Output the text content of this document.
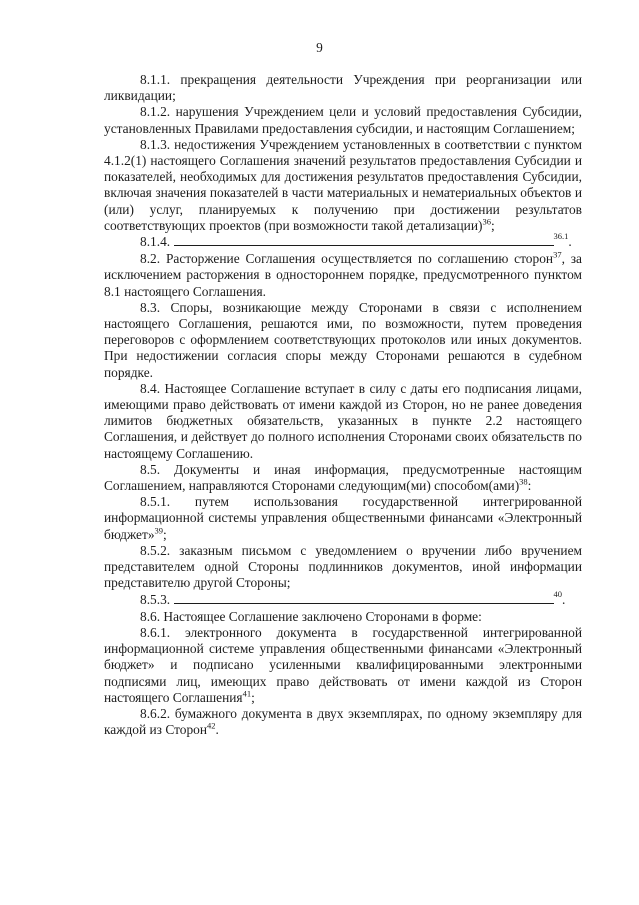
9

8.1.1. прекращения деятельности Учреждения при реорганизации или ликвидации;

8.1.2. нарушения Учреждением цели и условий предоставления Субсидии, установленных Правилами предоставления субсидии, и настоящим Соглашением;

8.1.3. недостижения Учреждением установленных в соответствии с пунктом 4.1.2(1) настоящего Соглашения значений результатов предоставления Субсидии и показателей, необходимых для достижения результатов предоставления Субсидии, включая значения показателей в части материальных и нематериальных объектов и (или) услуг, планируемых к получению при достижении результатов соответствующих проектов (при возможности такой детализации)$^{36}$;

8.1.4.	$^{36.1}$.

8.2. Расторжение Соглашения осуществляется по соглашению сторон$^{37}$, за исключением расторжения в одностороннем порядке, предусмотренного пунктом 8.1 настоящего Соглашения.

8.3. Споры, возникающие между Сторонами в связи с исполнением настоящего Соглашения, решаются ими, по возможности, путем проведения переговоров с оформлением соответствующих протоколов или иных документов. При недостижении согласия споры между Сторонами решаются в судебном порядке.

8.4. Настоящее Соглашение вступает в силу с даты его подписания лицами, имеющими право действовать от имени каждой из Сторон, но не ранее доведения лимитов бюджетных обязательств, указанных в пункте 2.2 настоящего Соглашения, и действует до полного исполнения Сторонами своих обязательств по настоящему Соглашению.

8.5. Документы и иная информация, предусмотренные настоящим Соглашением, направляются Сторонами следующим(ми) способом(ами)$^{38}$:

8.5.1. путем использования государственной интегрированной информационной системы управления общественными финансами «Электронный бюджет»$^{39}$;

8.5.2. заказным письмом с уведомлением о вручении либо вручением представителем одной Стороны подлинников документов, иной информации представителю другой Стороны;

8.5.3.	$^{40}$.

8.6. Настоящее Соглашение заключено Сторонами в форме:

8.6.1. электронного документа в государственной интегрированной информационной системе управления общественными финансами «Электронный бюджет» и подписано усиленными квалифицированными электронными подписями лиц, имеющих право действовать от имени каждой из Сторон настоящего Соглашения$^{41}$;

8.6.2. бумажного документа в двух экземплярах, по одному экземпляру для каждой из Сторон$^{42}$.
